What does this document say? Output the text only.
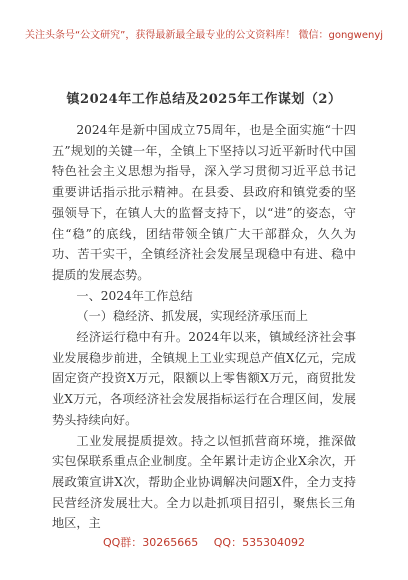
关注头条号“公文研究”，获得最新最全最专业的公文资料库！ 微信：gongwenyj
镇2024年工作总结及2025年工作谋划（2）

2024年是新中国成立75周年，也是全面实施“十四五”规划的关键一年，全镇上下坚持以习近平新时代中国特色社会主义思想为指导，深入学习贯彻习近平总书记重要讲话指示批示精神。在县委、县政府和镇党委的坚强领导下，在镇人大的监督支持下，以“进”的姿态，守住“稳”的底线，团结带领全镇广大干部群众，久久为功、苦干实干，全镇经济社会发展呈现稳中有进、稳中提质的发展态势。

一、2024年工作总结

（一）稳经济、抓发展，实现经济承压而上

经济运行稳中有升。2024年以来，镇域经济社会事业发展稳步前进，全镇规上工业实现总产值X亿元，完成固定资产投资X万元，限额以上零售额X万元，商贸批发业X万元，各项经济社会发展指标运行在合理区间，发展势头持续向好。

工业发展提质提效。持之以恒抓营商环境，推深做实包保联系重点企业制度。全年累计走访企业X余次，开展政策宣讲X次，帮助企业协调解决问题X件，全力支持民营经济发展壮大。全力以赴抓项目招引，聚焦长三角地区，主

QQ群：30265665 QQ：535304092
